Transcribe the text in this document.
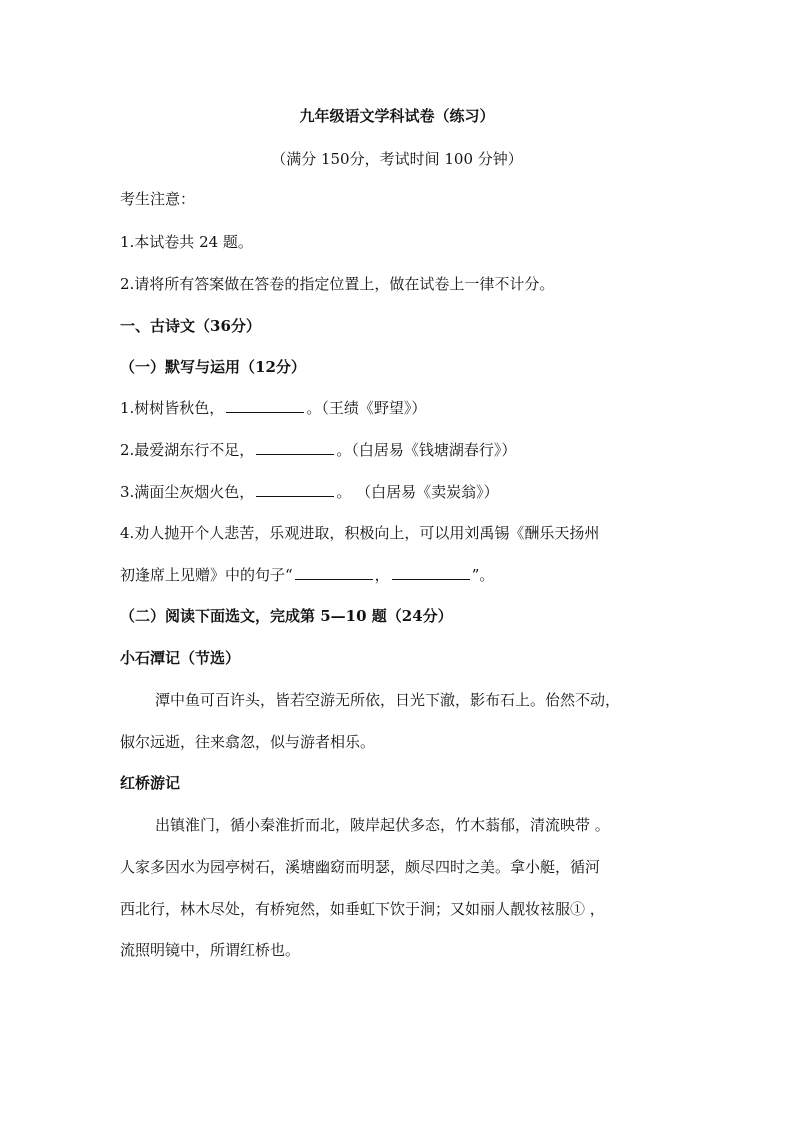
九年级语文学科试卷（练习）
（满分 150分，考试时间 100 分钟）
考生注意：
1.本试卷共 24 题。
2.请将所有答案做在答卷的指定位置上，做在试卷上一律不计分。
一、古诗文（36分）
（一）默写与运用（12分）
1.树树皆秋色，	。（王绩《野望》）
2.最爱湖东行不足，	。（白居易《钱塘湖春行》）
3.满面尘灰烟火色，	。 （白居易《卖炭翁》）
4.劝人抛开个人悲苦，乐观进取，积极向上，可以用刘禹锡《酬乐天扬州
初逢席上见赠》中的句子“	，	”。
（二）阅读下面选文，完成第 5—10 题（24分）
小石潭记（节选）
潭中鱼可百许头，皆若空游无所依，日光下澈，影布石上。佁然不动，
俶尔远逝，往来翕忽，似与游者相乐。
红桥游记
出镇淮门，循小秦淮折而北，陂岸起伏多态，竹木蓊郁，清流映带 。
人家多因水为园亭树石，溪塘幽窈而明瑟，颇尽四时之美。拿小艇，循河
西北行，林木尽处，有桥宛然，如垂虹下饮于涧；又如丽人靓妆袨服① ，
流照明镜中，所谓红桥也。
